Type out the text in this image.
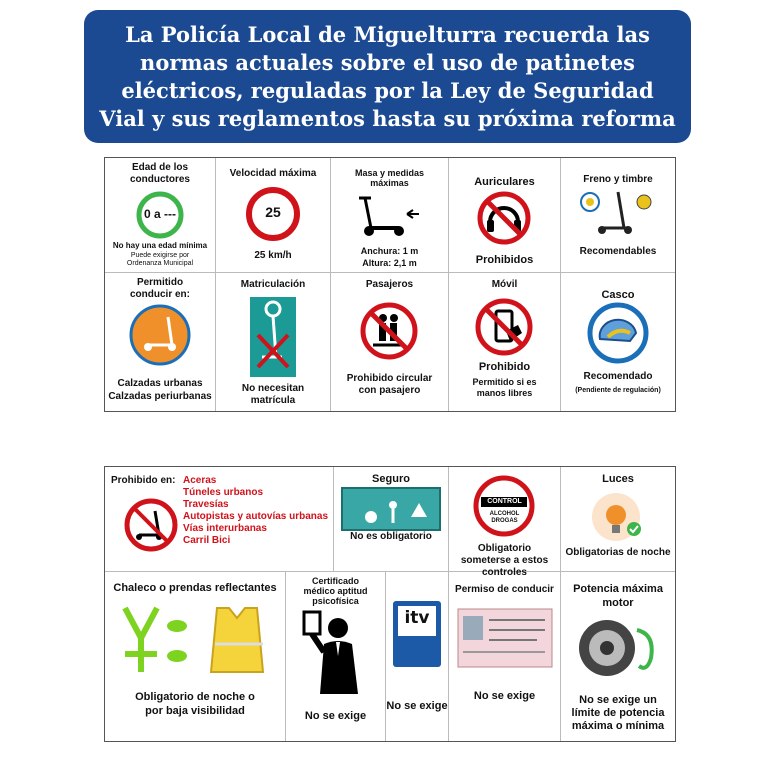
La Policía Local de Miguelturra recuerda las normas actuales sobre el uso de patinetes eléctricos, reguladas por la Ley de Seguridad Vial y sus reglamentos hasta su próxima reforma
Edad de los conductores
0 a ---
No hay una edad mínima
Puede exigirse por
Ordenanza Municipal
Velocidad máxima
25
25 km/h
Masa y medidas máximas
Anchura: 1 m
Altura: 2,1 m
Auriculares
Prohibidos
Freno y timbre
Recomendables
Permitido conducir en:
Calzadas urbanas
Calzadas periurbanas
Matriculación
No necesitan matrícula
Pasajeros
Prohibido circular con pasajero
Móvil
Prohibido
Permitido si es manos libres
Casco
Recomendado
(Pendiente de regulación)
Prohibido en: Aceras
Túneles urbanos
Travesías
Autopistas y autovías urbanas
Vías interurbanas
Carril Bici
Seguro
No es obligatorio
CONTROL
ALCOHOL
DROGAS
Obligatorio someterse a estos controles
Luces
Obligatorias de noche
Chaleco o prendas reflectantes
Obligatorio de noche o por baja visibilidad
Certificado médico aptitud psicofísica
No se exige
itv
No se exige
Permiso de conducir
No se exige
Potencia máxima motor
No se exige un límite de potencia máxima o mínima
